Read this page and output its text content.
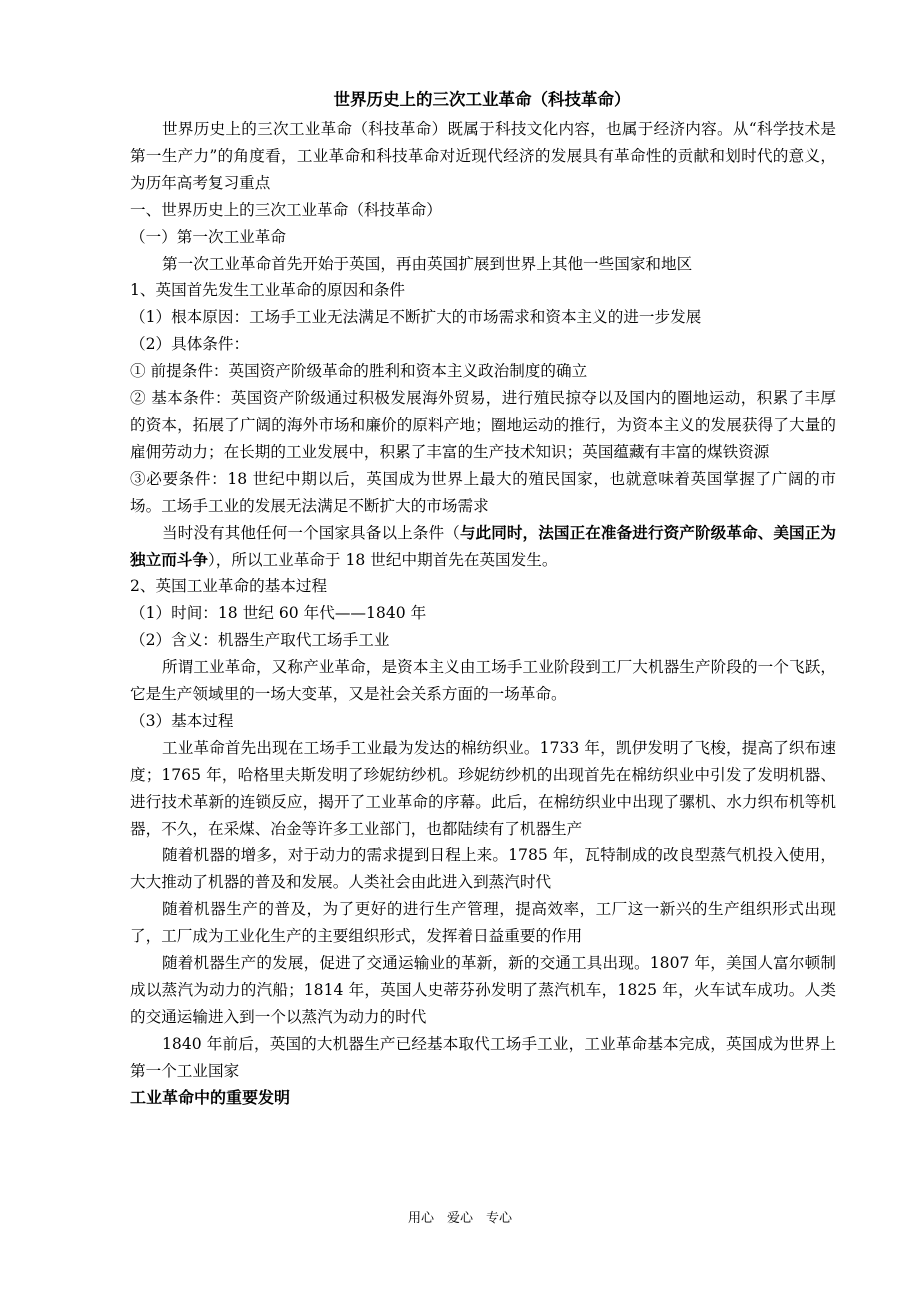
世界历史上的三次工业革命（科技革命）

世界历史上的三次工业革命（科技革命）既属于科技文化内容，也属于经济内容。从“科学技术是第一生产力”的角度看，工业革命和科技革命对近现代经济的发展具有革命性的贡献和划时代的意义，为历年高考复习重点

一、世界历史上的三次工业革命（科技革命）

（一）第一次工业革命

第一次工业革命首先开始于英国，再由英国扩展到世界上其他一些国家和地区

1、英国首先发生工业革命的原因和条件

（1）根本原因：工场手工业无法满足不断扩大的市场需求和资本主义的进一步发展

（2）具体条件：

① 前提条件：英国资产阶级革命的胜利和资本主义政治制度的确立

② 基本条件：英国资产阶级通过积极发展海外贸易，进行殖民掠夺以及国内的圈地运动，积累了丰厚的资本，拓展了广阔的海外市场和廉价的原料产地；圈地运动的推行，为资本主义的发展获得了大量的雇佣劳动力；在长期的工业发展中，积累了丰富的生产技术知识；英国蕴藏有丰富的煤铁资源

③必要条件：18 世纪中期以后，英国成为世界上最大的殖民国家，也就意味着英国掌握了广阔的市场。工场手工业的发展无法满足不断扩大的市场需求

当时没有其他任何一个国家具备以上条件（与此同时，法国正在准备进行资产阶级革命、美国正为独立而斗争），所以工业革命于 18 世纪中期首先在英国发生。

2、英国工业革命的基本过程

（1）时间：18 世纪 60 年代——1840 年

（2）含义：机器生产取代工场手工业

所谓工业革命，又称产业革命，是资本主义由工场手工业阶段到工厂大机器生产阶段的一个飞跃，它是生产领域里的一场大变革，又是社会关系方面的一场革命。

（3）基本过程

工业革命首先出现在工场手工业最为发达的棉纺织业。1733 年，凯伊发明了飞梭，提高了织布速度；1765 年，哈格里夫斯发明了珍妮纺纱机。珍妮纺纱机的出现首先在棉纺织业中引发了发明机器、进行技术革新的连锁反应，揭开了工业革命的序幕。此后，在棉纺织业中出现了骡机、水力织布机等机器，不久，在采煤、冶金等许多工业部门，也都陆续有了机器生产

随着机器的增多，对于动力的需求提到日程上来。1785 年，瓦特制成的改良型蒸气机投入使用，大大推动了机器的普及和发展。人类社会由此进入到蒸汽时代

随着机器生产的普及，为了更好的进行生产管理，提高效率，工厂这一新兴的生产组织形式出现了，工厂成为工业化生产的主要组织形式，发挥着日益重要的作用

随着机器生产的发展，促进了交通运输业的革新，新的交通工具出现。1807 年，美国人富尔顿制成以蒸汽为动力的汽船；1814 年，英国人史蒂芬孙发明了蒸汽机车，1825 年，火车试车成功。人类的交通运输进入到一个以蒸汽为动力的时代

1840 年前后，英国的大机器生产已经基本取代工场手工业，工业革命基本完成，英国成为世界上第一个工业国家

工业革命中的重要发明

用心　爱心　专心
